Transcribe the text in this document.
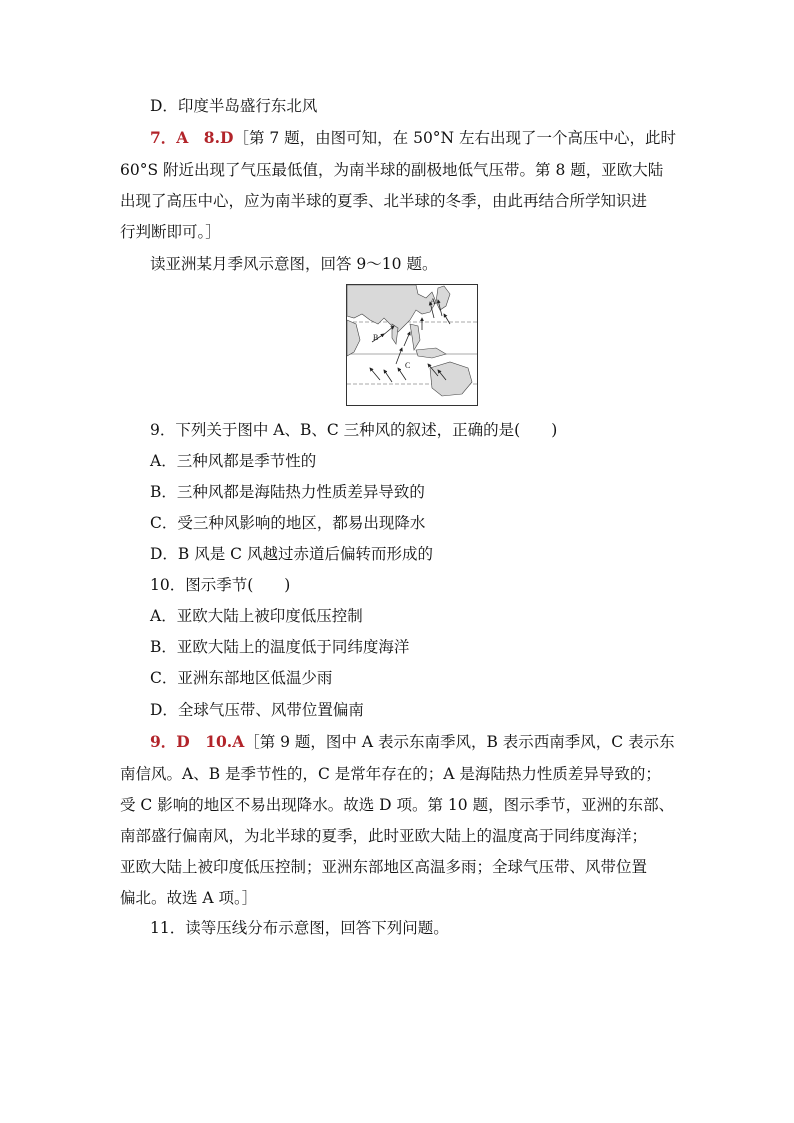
D．印度半岛盛行东北风
7．A　8.D［第 7 题，由图可知，在 50°N 左右出现了一个高压中心，此时
60°S 附近出现了气压最低值，为南半球的副极地低气压带。第 8 题，亚欧大陆
出现了高压中心，应为南半球的夏季、北半球的冬季，由此再结合所学知识进
行判断即可。］
读亚洲某月季风示意图，回答 9～10 题。
A
B
C
9．下列关于图中 A、B、C 三种风的叙述，正确的是(　　)
A．三种风都是季节性的
B．三种风都是海陆热力性质差异导致的
C．受三种风影响的地区，都易出现降水
D．B 风是 C 风越过赤道后偏转而形成的
10．图示季节(　　)
A．亚欧大陆上被印度低压控制
B．亚欧大陆上的温度低于同纬度海洋
C．亚洲东部地区低温少雨
D．全球气压带、风带位置偏南
9．D　10.A［第 9 题，图中 A 表示东南季风，B 表示西南季风，C 表示东
南信风。A、B 是季节性的，C 是常年存在的；A 是海陆热力性质差异导致的；
受 C 影响的地区不易出现降水。故选 D 项。第 10 题，图示季节，亚洲的东部、
南部盛行偏南风，为北半球的夏季，此时亚欧大陆上的温度高于同纬度海洋；
亚欧大陆上被印度低压控制；亚洲东部地区高温多雨；全球气压带、风带位置
偏北。故选 A 项。］
11．读等压线分布示意图，回答下列问题。
